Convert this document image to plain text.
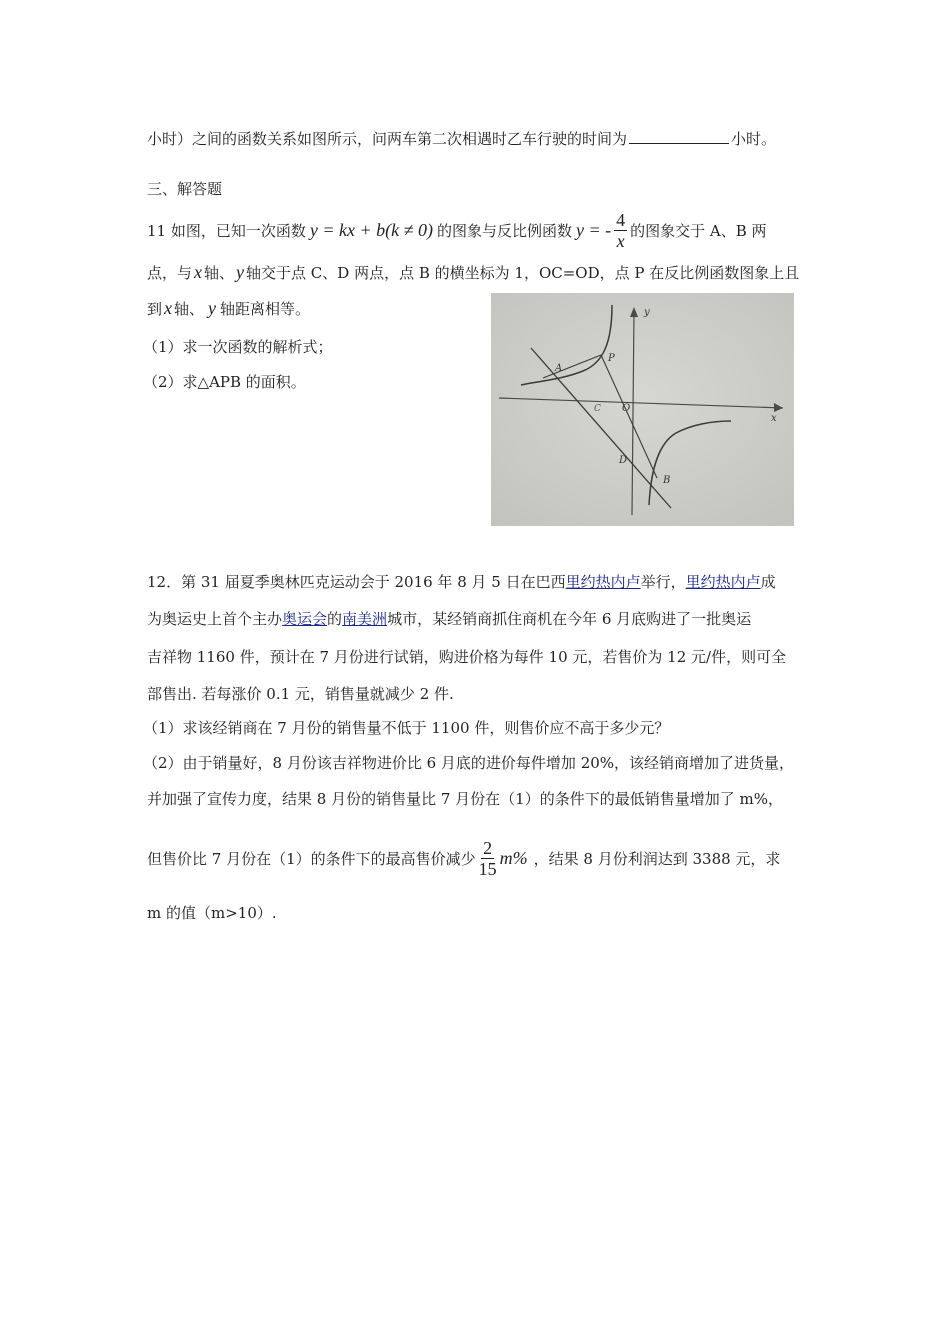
小时）之间的函数关系如图所示，问两车第二次相遇时乙车行驶的时间为	小时。
三、解答题
11 如图，已知一次函数 y = kx + b(k ≠ 0) 的图象与反比例函数 y = - $\frac{4}{x}$ 的图象交于 A、B 两
点，与 x 轴、 y 轴交于点 C、D 两点，点 B 的横坐标为 1，OC=OD，点 P 在反比例函数图象上且
到 x 轴、 y 轴距离相等。
（1）求一次函数的解析式；
（2）求△APB 的面积。
y
x
O
A
P
C
D
B
12．第 31 届夏季奥林匹克运动会于 2016 年 8 月 5 日在巴西里约热内卢举行，里约热内卢成
为奥运史上首个主办奥运会的南美洲城市，某经销商抓住商机在今年 6 月底购进了一批奥运
吉祥物 1160 件，预计在 7 月份进行试销，购进价格为每件 10 元，若售价为 12 元/件，则可全
部售出. 若每涨价 0.1 元，销售量就减少 2 件.
（1）求该经销商在 7 月份的销售量不低于 1100 件，则售价应不高于多少元？
（2）由于销量好，8 月份该吉祥物进价比 6 月底的进价每件增加 20%，该经销商增加了进货量，
并加强了宣传力度，结果 8 月份的销售量比 7 月份在（1）的条件下的最低销售量增加了 m%，
但售价比 7 月份在（1）的条件下的最高售价减少 $\frac{2}{15} m\%$ ，结果 8 月份利润达到 3388 元，求
m 的值（m>10）.
